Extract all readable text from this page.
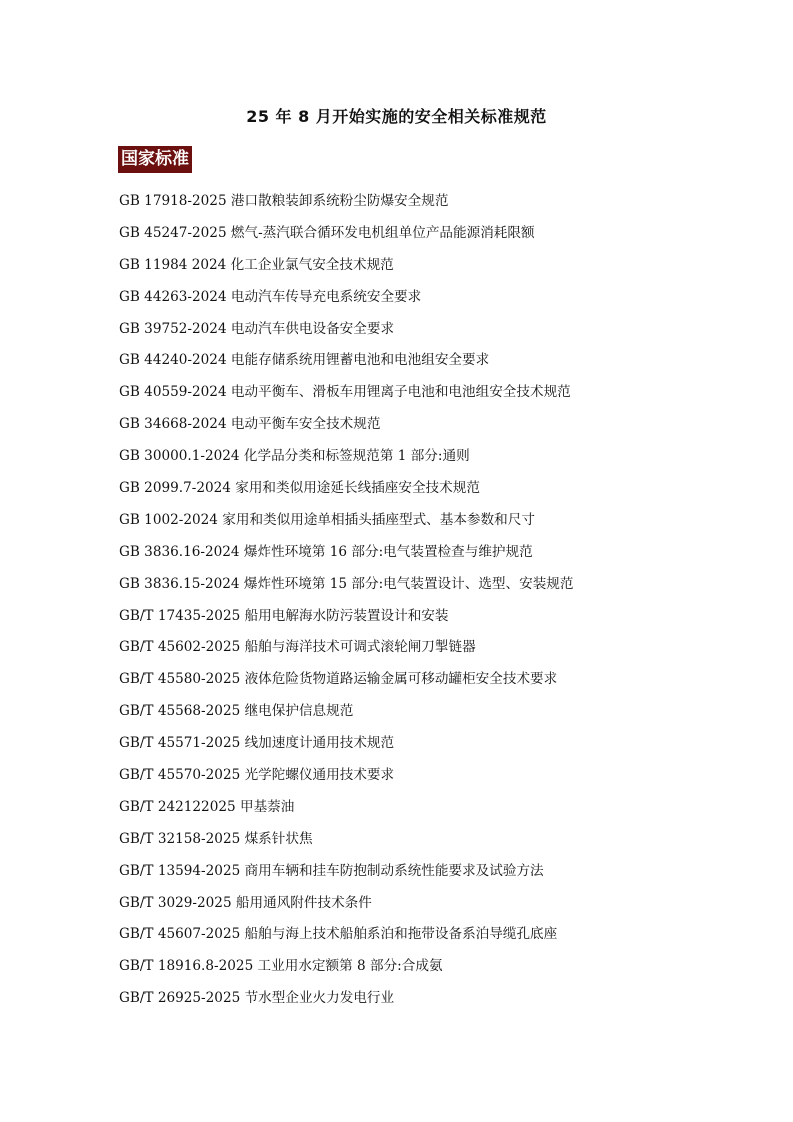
25 年 8 月开始实施的安全相关标准规范
国家标准
GB 17918-2025 港口散粮装卸系统粉尘防爆安全规范
GB 45247-2025 燃气-蒸汽联合循环发电机组单位产品能源消耗限额
GB 11984 2024 化工企业氯气安全技术规范
GB 44263-2024 电动汽车传导充电系统安全要求
GB 39752-2024 电动汽车供电设备安全要求
GB 44240-2024 电能存储系统用锂蓄电池和电池组安全要求
GB 40559-2024 电动平衡车、滑板车用锂离子电池和电池组安全技术规范
GB 34668-2024 电动平衡车安全技术规范
GB 30000.1-2024 化学品分类和标签规范第 1 部分:通则
GB 2099.7-2024 家用和类似用途延长线插座安全技术规范
GB 1002-2024 家用和类似用途单相插头插座型式、基本参数和尺寸
GB 3836.16-2024 爆炸性环境第 16 部分:电气装置检查与维护规范
GB 3836.15-2024 爆炸性环境第 15 部分:电气装置设计、选型、安装规范
GB/T 17435-2025 船用电解海水防污装置设计和安装
GB/T 45602-2025 船舶与海洋技术可调式滚轮闸刀掣链器
GB/T 45580-2025 液体危险货物道路运输金属可移动罐柜安全技术要求
GB/T 45568-2025 继电保护信息规范
GB/T 45571-2025 线加速度计通用技术规范
GB/T 45570-2025 光学陀螺仪通用技术要求
GB/T 242122025 甲基萘油
GB/T 32158-2025 煤系针状焦
GB/T 13594-2025 商用车辆和挂车防抱制动系统性能要求及试验方法
GB/T 3029-2025 船用通风附件技术条件
GB/T 45607-2025 船舶与海上技术船舶系泊和拖带设备系泊导缆孔底座
GB/T 18916.8-2025 工业用水定额第 8 部分:合成氨
GB/T 26925-2025 节水型企业火力发电行业
